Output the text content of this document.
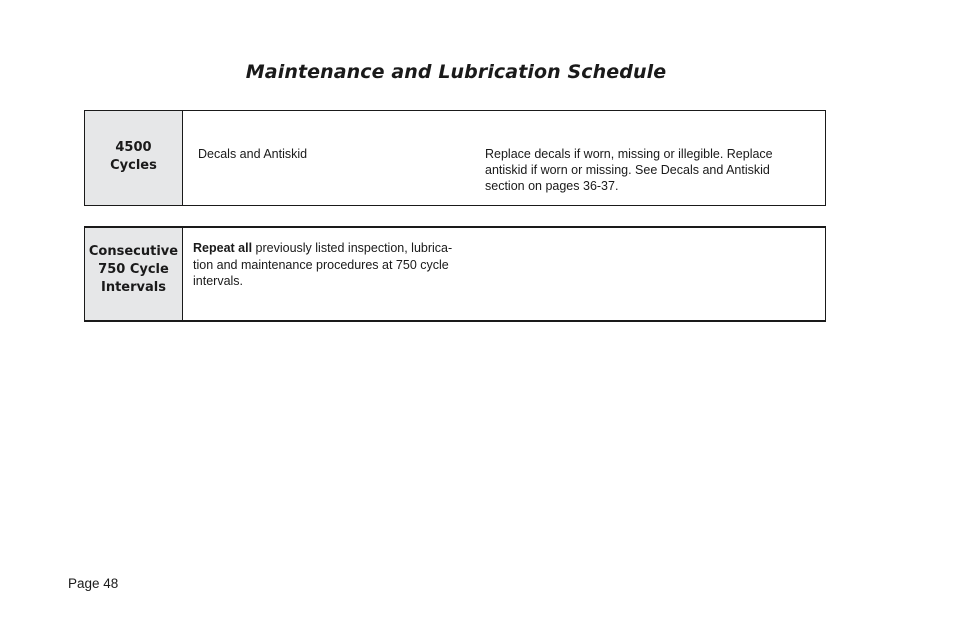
Maintenance and Lubrication Schedule
4500
Cycles
Decals and Antiskid	Replace decals if worn, missing or illegible. Replace
antiskid if worn or missing. See Decals and Antiskid
section on pages 36-37.
Consecutive
750 Cycle
Intervals
Repeat all previously listed inspection, lubrica-
tion and maintenance procedures at 750 cycle
intervals.
Page 48
